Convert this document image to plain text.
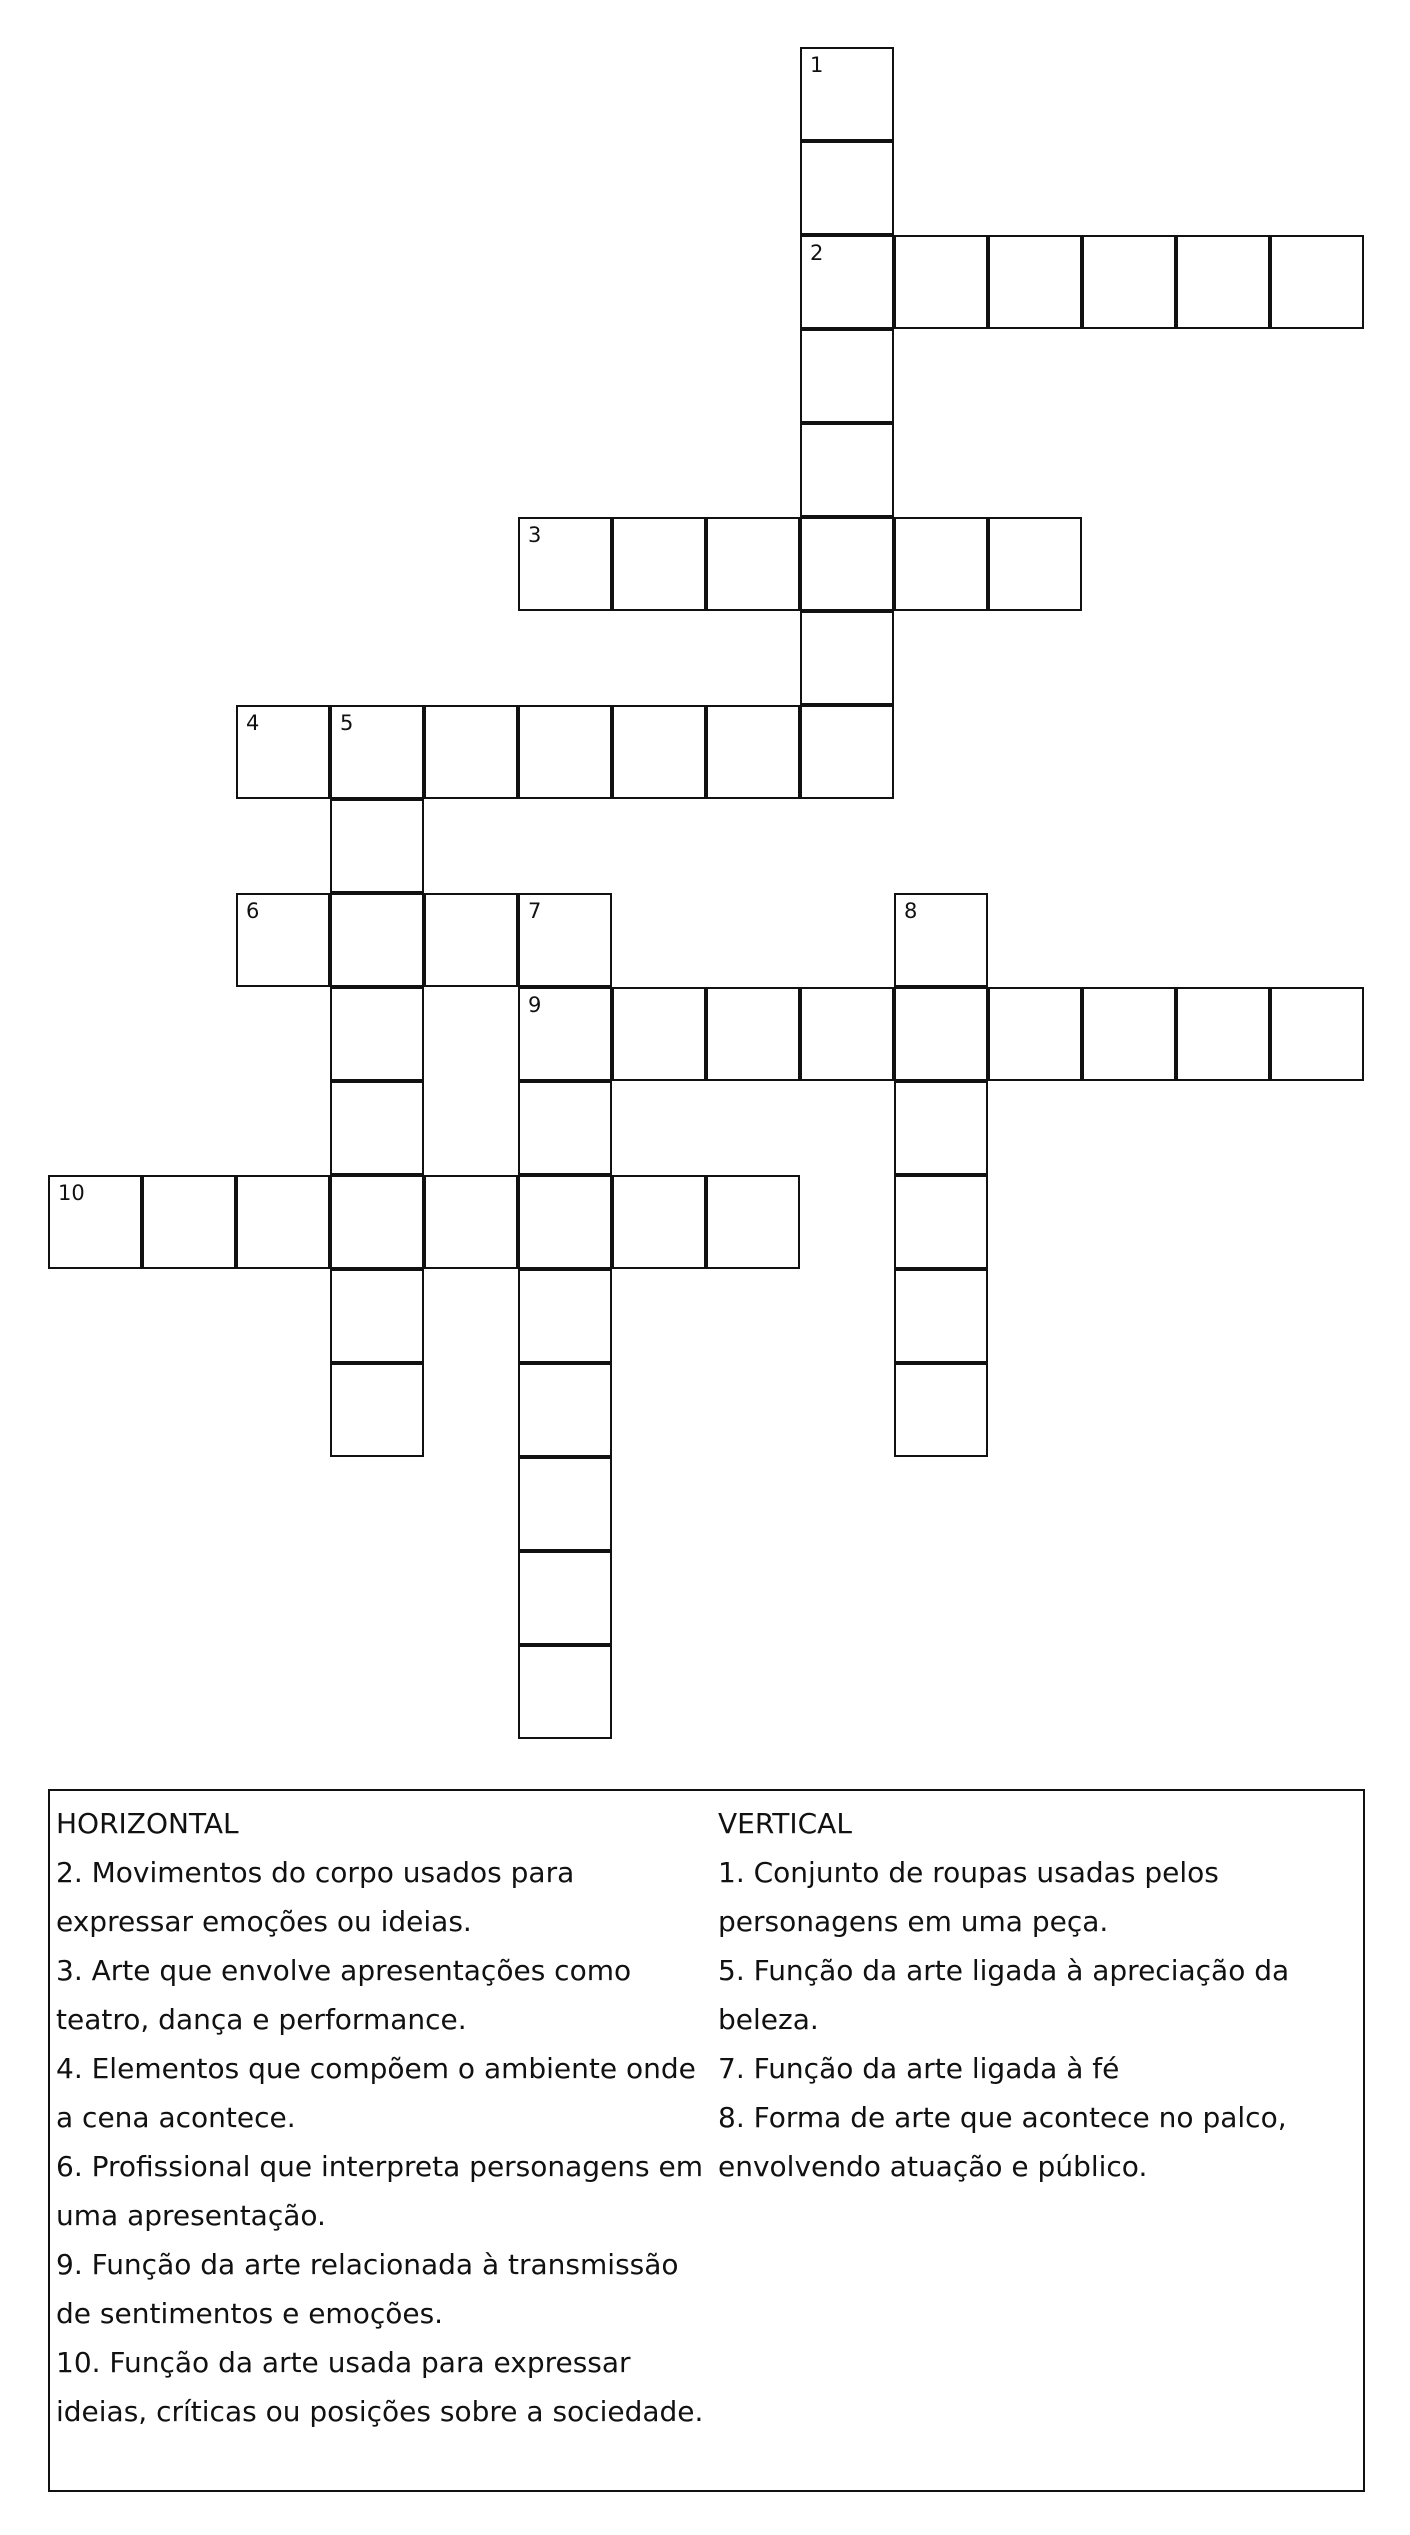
1
2
3
4	5
6	7
9
8
10

HORIZONTAL

2. Movimentos do corpo usados para expressar emoções ou ideias.

3. Arte que envolve apresentações como teatro, dança e performance.

4. Elementos que compõem o ambiente onde a cena acontece.

6. Profissional que interpreta personagens em uma apresentação.

9. Função da arte relacionada à transmissão de sentimentos e emoções.

10. Função da arte usada para expressar ideias, críticas ou posições sobre a sociedade.

VERTICAL

1. Conjunto de roupas usadas pelos personagens em uma peça.

5. Função da arte ligada à apreciação da beleza.

7. Função da arte ligada à fé

8. Forma de arte que acontece no palco, envolvendo atuação e público.
